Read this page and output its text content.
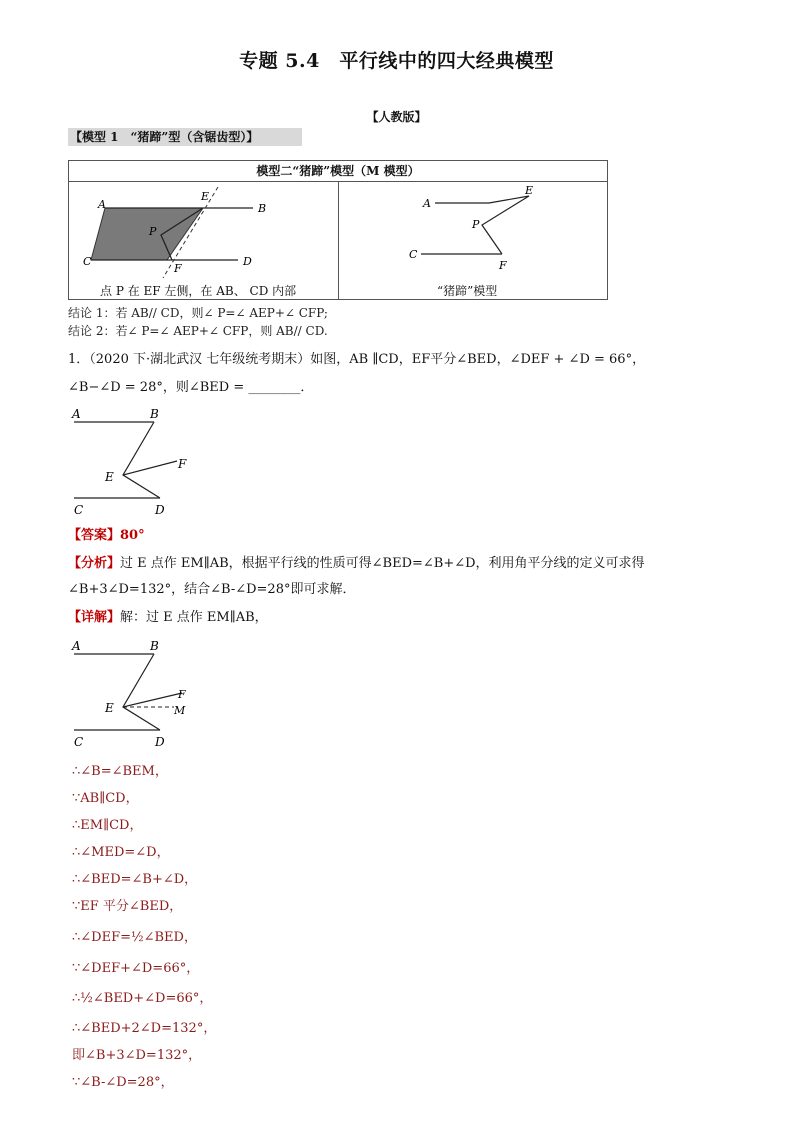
专题 5.4　平行线中的四大经典模型
【人教版】
【模型 1　“猪蹄”型（含锯齿型）】
模型二“猪蹄”模型（M 模型）
A	B
E
P
C	D
F
点 P 在 EF 左侧，在 AB、 CD 内部
A
E
P
C
F
“猪蹄”模型
结论 1：若 AB// CD，则∠ P=∠ AEP+∠ CFP;
结论 2：若∠ P=∠ AEP+∠ CFP，则 AB// CD.
1．（2020 下·湖北武汉 七年级统考期末）如图，AB ∥CD，EF平分∠BED，∠DEF + ∠D = 66°，
∠B−∠D = 28°，则∠BED = ________．
A	B
E
F
C	D
【答案】80°
【分析】过 E 点作 EM∥AB，根据平行线的性质可得∠BED=∠B+∠D，利用角平分线的定义可求得
∠B+3∠D=132°，结合∠B-∠D=28°即可求解．
【详解】解：过 E 点作 EM∥AB，
A	B
E
F
M
C	D
∴∠B=∠BEM，
∵AB∥CD，
∴EM∥CD，
∴∠MED=∠D，
∴∠BED=∠B+∠D，
∵EF 平分∠BED，
∴∠DEF=½∠BED，
∵∠DEF+∠D=66°，
∴½∠BED+∠D=66°，
∴∠BED+2∠D=132°，
即∠B+3∠D=132°，
∵∠B-∠D=28°，
